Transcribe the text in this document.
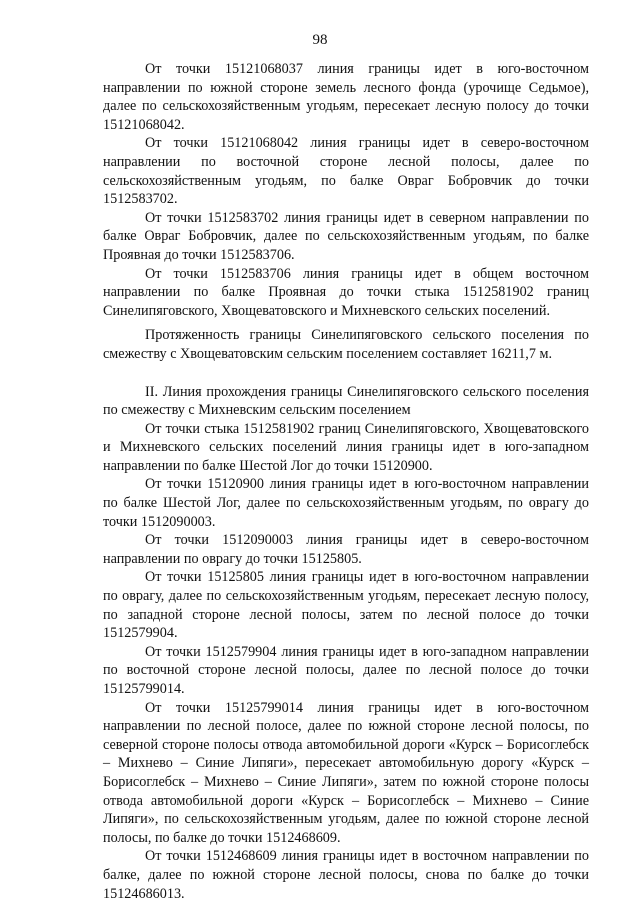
98

От точки 15121068037 линия границы идет в юго-восточном направлении по южной стороне земель лесного фонда (урочище Седьмое), далее по сельскохозяйственным угодьям, пересекает лесную полосу до точки 15121068042.

От точки 15121068042 линия границы идет в северо-восточном направлении по восточной стороне лесной полосы, далее по сельскохозяйственным угодьям, по балке Овраг Бобровчик до точки 1512583702.

От точки 1512583702 линия границы идет в северном направлении по балке Овраг Бобровчик, далее по сельскохозяйственным угодьям, по балке Проявная до точки 1512583706.

От точки 1512583706 линия границы идет в общем восточном направлении по балке Проявная до точки стыка 1512581902 границ Синелипяговского, Хвощеватовского и Михневского сельских поселений.

Протяженность границы Синелипяговского сельского поселения по смежеству с Хвощеватовским сельским поселением составляет 16211,7 м.

II. Линия прохождения границы Синелипяговского сельского поселения по смежеству с Михневским сельским поселением

От точки стыка 1512581902 границ Синелипяговского, Хвощеватовского и Михневского сельских поселений линия границы идет в юго-западном направлении по балке Шестой Лог до точки 15120900.

От точки 15120900 линия границы идет в юго-восточном направлении по балке Шестой Лог, далее по сельскохозяйственным угодьям, по оврагу до точки 1512090003.

От точки 1512090003 линия границы идет в северо-восточном направлении по оврагу до точки 15125805.

От точки 15125805 линия границы идет в юго-восточном направлении по оврагу, далее по сельскохозяйственным угодьям, пересекает лесную полосу, по западной стороне лесной полосы, затем по лесной полосе до точки 1512579904.

От точки 1512579904 линия границы идет в юго-западном направлении по восточной стороне лесной полосы, далее по лесной полосе до точки 15125799014.

От точки 15125799014 линия границы идет в юго-восточном направлении по лесной полосе, далее по южной стороне лесной полосы, по северной стороне полосы отвода автомобильной дороги «Курск – Борисоглебск – Михнево – Синие Липяги», пересекает автомобильную дорогу «Курск – Борисоглебск – Михнево – Синие Липяги», затем по южной стороне полосы отвода автомобильной дороги «Курск – Борисоглебск – Михнево – Синие Липяги», по сельскохозяйственным угодьям, далее по южной стороне лесной полосы, по балке до точки 1512468609.

От точки 1512468609 линия границы идет в восточном направлении по балке, далее по южной стороне лесной полосы, снова по балке до точки 15124686013.
